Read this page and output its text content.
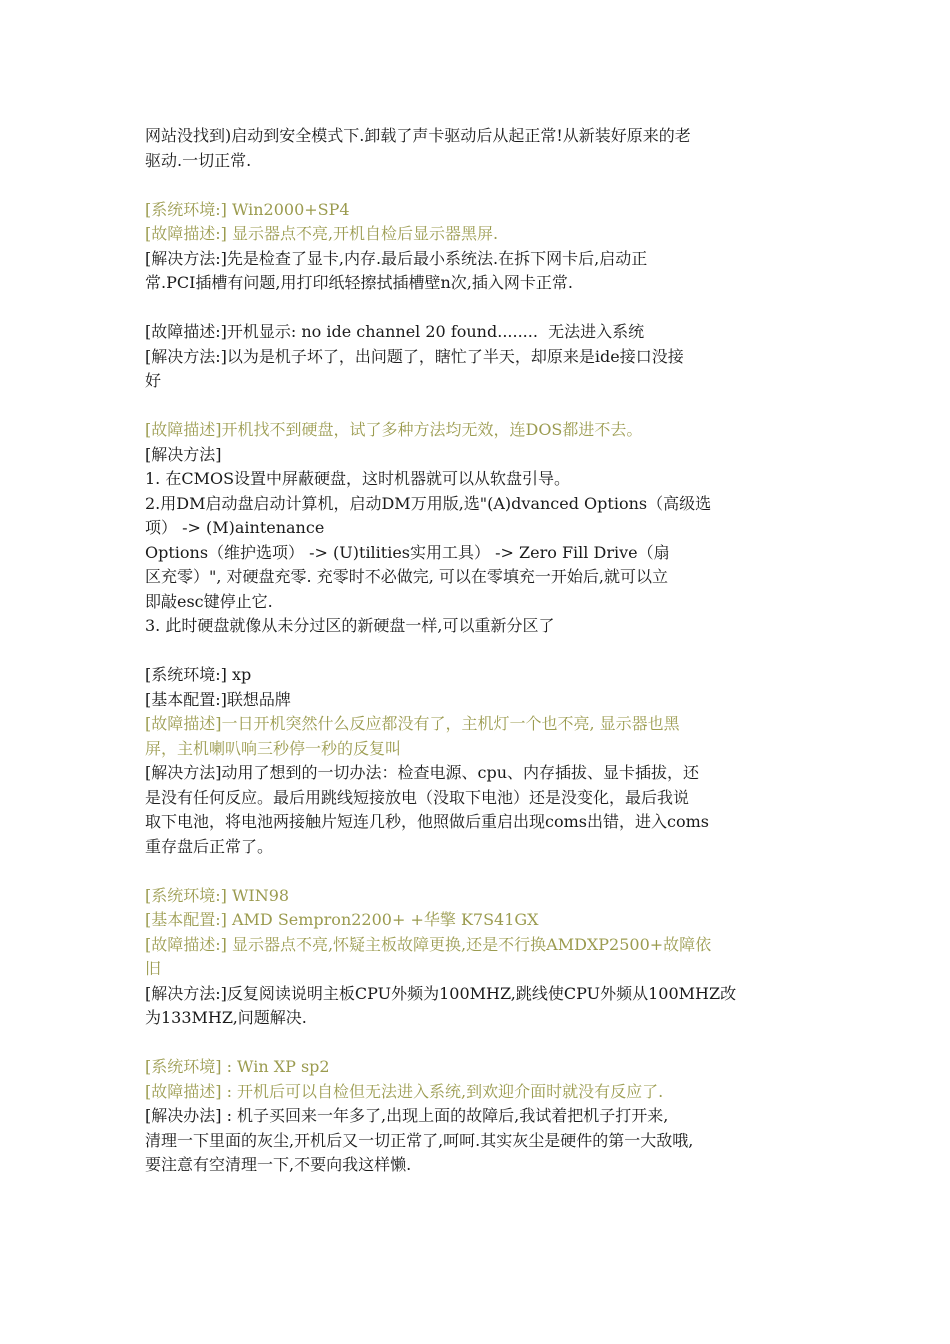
网站没找到)启动到安全模式下.卸载了声卡驱动后从起正常!从新装好原来的老
驱动.一切正常.
[系统环境:] Win2000+SP4
[故障描述:] 显示器点不亮,开机自检后显示器黑屏.
[解决方法:]先是检查了显卡,内存.最后最小系统法.在拆下网卡后,启动正
常.PCI插槽有问题,用打印纸轻擦拭插槽壁n次,插入网卡正常.
[故障描述:]开机显示: no ide channel 20 found........  无法进入系统
[解决方法:]以为是机子坏了，出问题了，瞎忙了半天，却原来是ide接口没接
好
[故障描述]开机找不到硬盘，试了多种方法均无效，连DOS都进不去。
[解决方法]
1. 在CMOS设置中屏蔽硬盘，这时机器就可以从软盘引导。
2.用DM启动盘启动计算机，启动DM万用版,选"(A)dvanced Options（高级选
项） -> (M)aintenance
Options（维护选项） -> (U)tilities实用工具） -> Zero Fill Drive（扇
区充零）", 对硬盘充零. 充零时不必做完, 可以在零填充一开始后,就可以立
即敲esc键停止它.
3. 此时硬盘就像从未分过区的新硬盘一样,可以重新分区了
[系统环境:] xp
[基本配置:]联想品牌
[故障描述]一日开机突然什么反应都没有了，主机灯一个也不亮, 显示器也黑
屏，主机喇叭响三秒停一秒的反复叫
[解决方法]动用了想到的一切办法：检查电源、cpu、内存插拔、显卡插拔，还
是没有任何反应。最后用跳线短接放电（没取下电池）还是没变化，最后我说
取下电池，将电池两接触片短连几秒，他照做后重启出现coms出错，进入coms
重存盘后正常了。
[系统环境:] WIN98
[基本配置:] AMD Sempron2200+ +华擎 K7S41GX
[故障描述:] 显示器点不亮,怀疑主板故障更换,还是不行换AMDXP2500+故障依
旧
[解决方法:]反复阅读说明主板CPU外频为100MHZ,跳线使CPU外频从100MHZ改
为133MHZ,问题解决.
[系统环境] : Win XP sp2
[故障描述] : 开机后可以自检但无法进入系统,到欢迎介面时就没有反应了.
[解决办法] : 机子买回来一年多了,出现上面的故障后,我试着把机子打开来,
清理一下里面的灰尘,开机后又一切正常了,呵呵.其实灰尘是硬件的第一大敌哦,
要注意有空清理一下,不要向我这样懒.
